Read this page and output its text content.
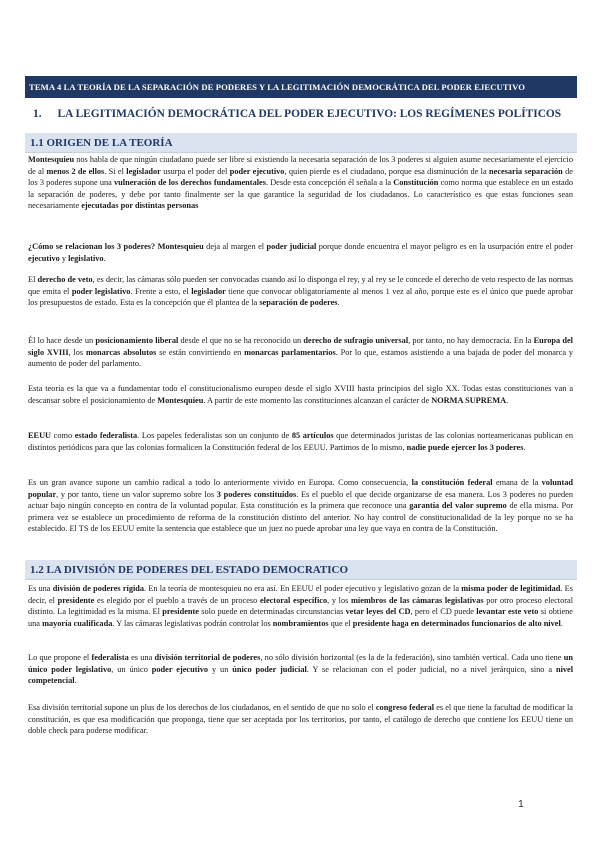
TEMA 4 LA TEORÍA DE LA SEPARACIÓN DE PODERES Y LA LEGITIMACIÓN DEMOCRÁTICA DEL PODER EJECUTIVO
1. LA LEGITIMACIÓN DEMOCRÁTICA DEL PODER EJECUTIVO: LOS REGÍMENES POLÍTICOS
1.1 ORIGEN DE LA TEORÍA

Montesquieu nos habla de que ningún ciudadano puede ser libre si existiendo la necesaria separación de los 3 poderes si alguien asume necesariamente el ejercicio de al menos 2 de ellos. Si el legislador usurpa el poder del poder ejecutivo, quien pierde es el ciudadano, porque esa disminución de la necesaria separación de los 3 poderes supone una vulneración de los derechos fundamentales. Desde esta concepción él señala a la Constitución como norma que establece en un estado la separación de poderes, y debe por tanto finalmente ser la que garantice la seguridad de los ciudadanos. Lo característico es que estas funciones sean necesariamente ejecutadas por distintas personas

¿Cómo se relacionan los 3 poderes? Montesquieu deja al margen el poder judicial porque donde encuentra el mayor peligro es en la usurpación entre el poder ejecutivo y legislativo.

El derecho de veto, es decir, las cámaras sólo pueden ser convocadas cuando así lo disponga el rey, y al rey se le concede el derecho de veto respecto de las normas que emita el poder legislativo. Frente a esto, el legislador tiene que convocar obligatoriamente al menos 1 vez al año, porque este es el único que puede aprobar los presupuestos de estado. Esta es la concepción que él plantea de la separación de poderes.

Él lo hace desde un posicionamiento liberal desde el que no se ha reconocido un derecho de sufragio universal, por tanto, no hay democracia. En la Europa del siglo XVIII, los monarcas absolutos se están convirtiendo en monarcas parlamentarios. Por lo que, estamos asistiendo a una bajada de poder del monarca y aumento de poder del parlamento.

Esta teoría es la que va a fundamentar todo el constitucionalismo europeo desde el siglo XVIII hasta principios del siglo XX. Todas estas constituciones van a descansar sobre el posicionamiento de Montesquieu. A partir de este momento las constituciones alcanzan el carácter de NORMA SUPREMA.

EEUU como estado federalista. Los papeles federalistas son un conjunto de 85 artículos que determinados juristas de las colonias norteamericanas publican en distintos periódicos para que las colonias formalicen la Constitución federal de los EEUU. Partimos de lo mismo, nadie puede ejercer los 3 poderes.

Es un gran avance supone un cambio radical a todo lo anteriormente vivido en Europa. Como consecuencia, la constitución federal emana de la voluntad popular, y por tanto, tiene un valor supremo sobre los 3 poderes constituidos. Es el pueblo el que decide organizarse de esa manera. Los 3 poderes no pueden actuar bajo ningún concepto en contra de la voluntad popular. Esta constitución es la primera que reconoce una garantía del valor supremo de ella misma. Por primera vez se establece un procedimiento de reforma de la constitución distinto del anterior. No hay control de constitucionalidad de la ley porque no se ha establecido. El TS de los EEUU emite la sentencia que establece que un juez no puede aprobar una ley que vaya en contra de la Constitución.

1.2 LA DIVISIÓN DE PODERES DEL ESTADO DEMOCRATICO

Es una división de poderes rígida. En la teoría de montesquieu no era así. En EEUU el poder ejecutivo y legislativo gozan de la misma poder de legitimidad. Es decir, el presidente es elegido por el pueblo a través de un proceso electoral específico, y los miembros de las cámaras legislativas por otro proceso electoral distinto. La legitimidad es la misma. El presidente solo puede en determinadas circunstancias vetar leyes del CD, pero el CD puede levantar este veto si obtiene una mayoría cualificada. Y las cámaras legislativas podrán controlar los nombramientos que el presidente haga en determinados funcionarios de alto nivel.

Lo que propone el federalista es una división territorial de poderes, no sólo división horizontal (es la de la federación), sino también vertical. Cada uno tiene un único poder legislativo, un único poder ejecutivo y un único poder judicial. Y se relacionan con el poder judicial, no a nivel jerárquico, sino a nivel competencial.

Esa división territorial supone un plus de los derechos de los ciudadanos, en el sentido de que no solo el congreso federal es el que tiene la facultad de modificar la constitución, es que esa modificación que proponga, tiene que ser aceptada por los territorios, por tanto, el catálogo de derecho que contiene los EEUU tiene un doble check para poderse modificar.

1
